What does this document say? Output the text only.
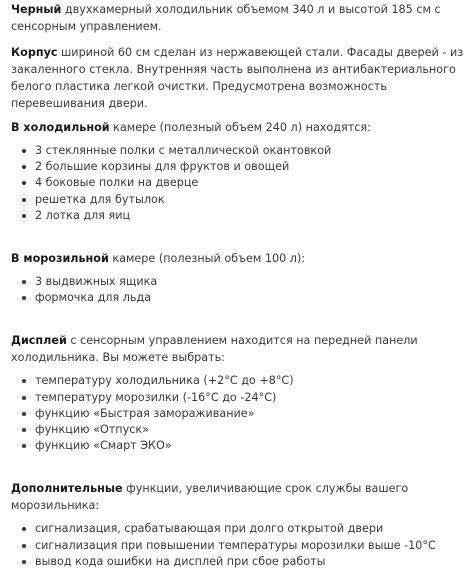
Черный двухкамерный холодильник объемом 340 л и высотой 185 см с сенсорным управлением.

Корпус шириной 60 см сделан из нержавеющей стали. Фасады дверей - из закаленного стекла. Внутренняя часть выполнена из антибактериального белого пластика легкой очистки. Предусмотрена возможность перевешивания двери.

В холодильной камере (полезный объем 240 л) находятся:

3 стеклянные полки с металлической окантовкой
2 большие корзины для фруктов и овощей
4 боковые полки на дверце
решетка для бутылок
2 лотка для яиц

В морозильной камере (полезный объем 100 л):

3 выдвижных ящика
формочка для льда

Дисплей с сенсорным управлением находится на передней панели холодильника. Вы можете выбрать:

температуру холодильника (+2°С до +8°С)
температуру морозилки (-16°С до -24°С)
функцию «Быстрая замораживание»
функцию «Отпуск»
функцию «Смарт ЭКО»

Дополнительные функции, увеличивающие срок службы вашего морозильника:

сигнализация, срабатывающая при долго открытой двери
сигнализация при повышении температуры морозилки выше -10°С
вывод кода ошибки на дисплей при сбое работы
